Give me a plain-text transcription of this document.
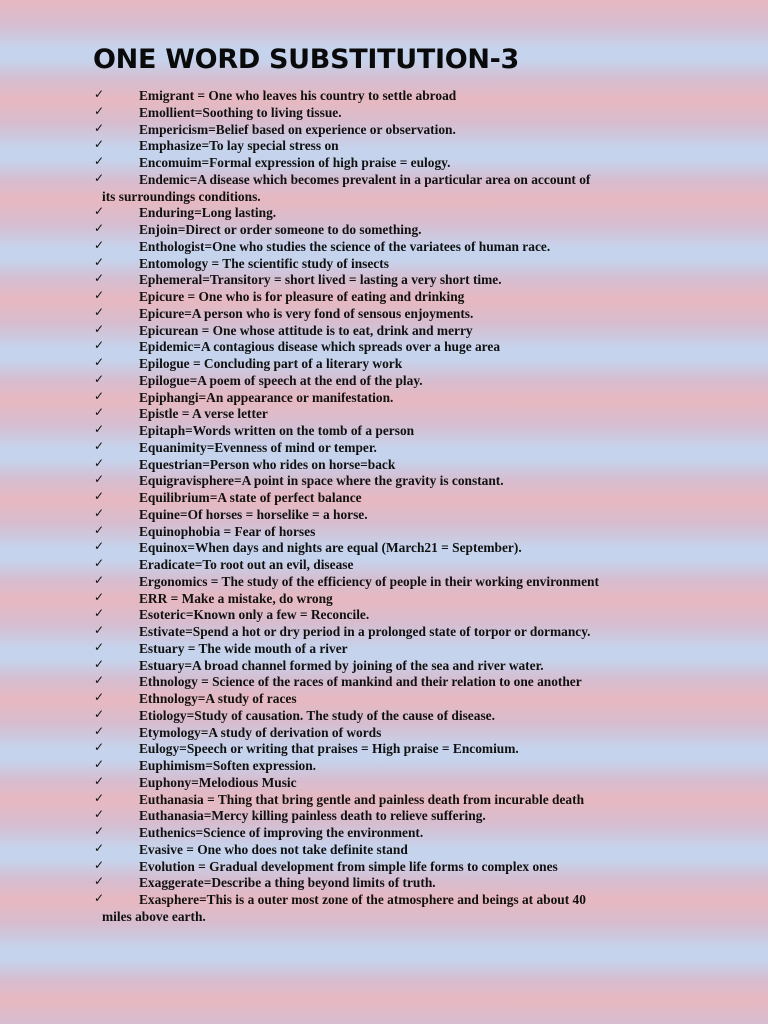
ONE WORD SUBSTITUTION-3
✓	Emigrant = One who leaves his country to settle abroad
✓	Emollient=Soothing to living tissue.
✓	Empericism=Belief based on experience or observation.
✓	Emphasize=To lay special stress on
✓	Encomuim=Formal expression of high praise = eulogy.
✓	Endemic=A disease which becomes prevalent in a particular area on account of
its surroundings conditions.
✓	Enduring=Long lasting.
✓	Enjoin=Direct or order someone to do something.
✓	Enthologist=One who studies the science of the variatees of human race.
✓	Entomology = The scientific study of insects
✓	Ephemeral=Transitory = short lived = lasting a very short time.
✓	Epicure = One who is for pleasure of eating and drinking
✓	Epicure=A person who is very fond of sensous enjoyments.
✓	Epicurean = One whose attitude is to eat, drink and merry
✓	Epidemic=A contagious disease which spreads over a huge area
✓	Epilogue = Concluding part of a literary work
✓	Epilogue=A poem of speech at the end of the play.
✓	Epiphangi=An appearance or manifestation.
✓	Epistle = A verse letter
✓	Epitaph=Words written on the tomb of a person
✓	Equanimity=Evenness of mind or temper.
✓	Equestrian=Person who rides on horse=back
✓	Equigravisphere=A point in space where the gravity is constant.
✓	Equilibrium=A state of perfect balance
✓	Equine=Of horses = horselike = a horse.
✓	Equinophobia = Fear of horses
✓	Equinox=When days and nights are equal (March21 = September).
✓	Eradicate=To root out an evil, disease
✓	Ergonomics = The study of the efficiency of people in their working environment
✓	ERR = Make a mistake, do wrong
✓	Esoteric=Known only a few = Reconcile.
✓	Estivate=Spend a hot or dry period in a prolonged state of torpor or dormancy.
✓	Estuary = The wide mouth of a river
✓	Estuary=A broad channel formed by joining of the sea and river water.
✓	Ethnology = Science of the races of mankind and their relation to one another
✓	Ethnology=A study of races
✓	Etiology=Study of causation. The study of the cause of disease.
✓	Etymology=A study of derivation of words
✓	Eulogy=Speech or writing that praises = High praise = Encomium.
✓	Euphimism=Soften expression.
✓	Euphony=Melodious Music
✓	Euthanasia = Thing that bring gentle and painless death from incurable death
✓	Euthanasia=Mercy killing painless death to relieve suffering.
✓	Euthenics=Science of improving the environment.
✓	Evasive = One who does not take definite stand
✓	Evolution = Gradual development from simple life forms to complex ones
✓	Exaggerate=Describe a thing beyond limits of truth.
✓	Exasphere=This is a outer most zone of the atmosphere and beings at about 40
miles above earth.
